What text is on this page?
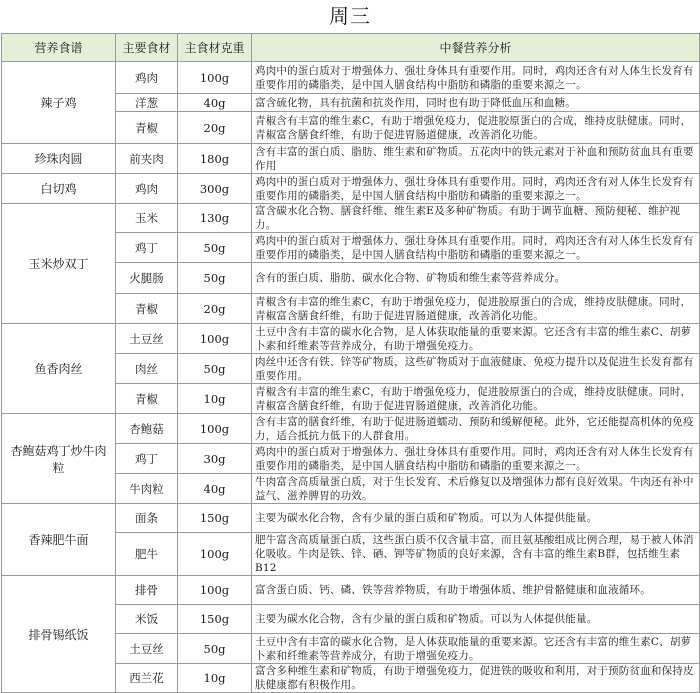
周三
营养食谱	主要食材	主食材克重	中餐营养分析
辣子鸡	鸡肉	100g	鸡肉中的蛋白质对于增强体力、强壮身体具有重要作用。同时，鸡肉还含有对人体生长发育有重要作用的磷脂类，是中国人膳食结构中脂肪和磷脂的重要来源之一。
	洋葱	40g	富含硫化物，具有抗菌和抗炎作用，同时也有助于降低血压和血糖。
	青椒	20g	青椒含有丰富的维生素C，有助于增强免疫力，促进胶原蛋白的合成，维持皮肤健康。同时，青椒富含膳食纤维，有助于促进胃肠道健康，改善消化功能。
珍珠肉圆	前夹肉	180g	含有丰富的蛋白质、脂肪、维生素和矿物质。五花肉中的铁元素对于补血和预防贫血具有重要作用
白切鸡	鸡肉	300g	鸡肉中的蛋白质对于增强体力、强壮身体具有重要作用。同时，鸡肉还含有对人体生长发育有重要作用的磷脂类，是中国人膳食结构中脂肪和磷脂的重要来源之一。
玉米炒双丁	玉米	130g	富含碳水化合物、膳食纤维、维生素E及多种矿物质。有助于调节血糖、预防便秘、维护视力。
	鸡丁	50g	鸡肉中的蛋白质对于增强体力、强壮身体具有重要作用。同时，鸡肉还含有对人体生长发育有重要作用的磷脂类，是中国人膳食结构中脂肪和磷脂的重要来源之一。
	火腿肠	50g	含有的蛋白质、脂肪、碳水化合物、矿物质和维生素等营养成分。
	青椒	20g	青椒含有丰富的维生素C，有助于增强免疫力，促进胶原蛋白的合成，维持皮肤健康。同时，青椒富含膳食纤维，有助于促进胃肠道健康，改善消化功能。
鱼香肉丝	土豆丝	100g	土豆中含有丰富的碳水化合物，是人体获取能量的重要来源。它还含有丰富的维生素C、胡萝卜素和纤维素等营养成分，有助于增强免疫力。
	肉丝	50g	肉丝中还含有铁、锌等矿物质，这些矿物质对于血液健康、免疫力提升以及促进生长发育都有重要作用。
	青椒	10g	青椒含有丰富的维生素C，有助于增强免疫力，促进胶原蛋白的合成，维持皮肤健康。同时，青椒富含膳食纤维，有助于促进胃肠道健康，改善消化功能。
杏鲍菇鸡丁炒牛肉粒	杏鲍菇	100g	含有丰富的膳食纤维，有助于促进肠道蠕动、预防和缓解便秘。此外，它还能提高机体的免疫力，适合抵抗力低下的人群食用。
	鸡丁	30g	鸡肉中的蛋白质对于增强体力、强壮身体具有重要作用。同时，鸡肉还含有对人体生长发育有重要作用的磷脂类，是中国人膳食结构中脂肪和磷脂的重要来源之一。
	牛肉粒	40g	牛肉富含高质量蛋白质，对于生长发育、术后修复以及增强体力都有良好效果。牛肉还有补中益气、滋养脾胃的功效。
香辣肥牛面	面条	150g	主要为碳水化合物，含有少量的蛋白质和矿物质。可以为人体提供能量。
	肥牛	100g	肥牛富含高质量蛋白质，这些蛋白质不仅含量丰富，而且氨基酸组成比例合理，易于被人体消化吸收。牛肉是铁、锌、硒、钾等矿物质的良好来源，含有丰富的维生素B群，包括维生素B12
排骨锡纸饭	排骨	100g	富含蛋白质、钙、磷、铁等营养物质，有助于增强体质、维护骨骼健康和血液循环。
	米饭	150g	主要为碳水化合物，含有少量的蛋白质和矿物质。可以为人体提供能量。
	土豆丝	50g	土豆中含有丰富的碳水化合物，是人体获取能量的重要来源。它还含有丰富的维生素C、胡萝卜素和纤维素等营养成分，有助于增强免疫力。
	西兰花	10g	富含多种维生素和矿物质，有助于增强免疫力，促进铁的吸收和利用，对于预防贫血和保持皮肤健康都有积极作用。
